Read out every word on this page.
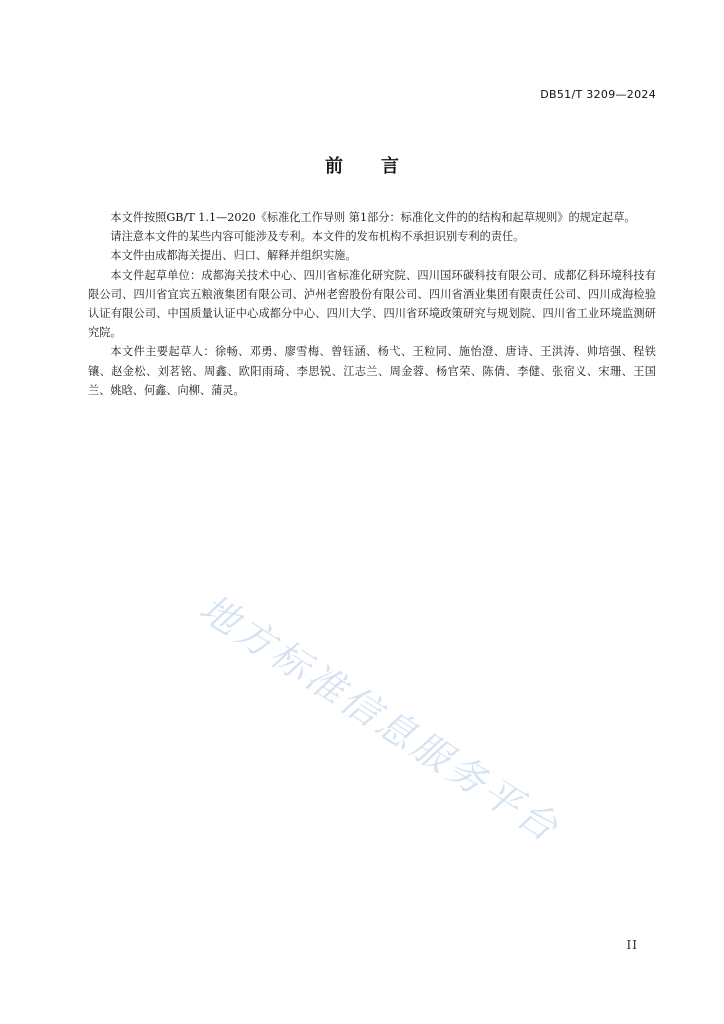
DB51/T 3209—2024
前 言

本文件按照GB/T 1.1—2020《标准化工作导则 第1部分：标准化文件的的结构和起草规则》的规定起草。

请注意本文件的某些内容可能涉及专利。本文件的发布机构不承担识别专利的责任。

本文件由成都海关提出、归口、解释并组织实施。

本文件起草单位：成都海关技术中心、四川省标准化研究院、四川国环碳科技有限公司、成都亿科环境科技有限公司、四川省宜宾五粮液集团有限公司、泸州老窖股份有限公司、四川省酒业集团有限责任公司、四川成海检验认证有限公司、中国质量认证中心成都分中心、四川大学、四川省环境政策研究与规划院、四川省工业环境监测研究院。

本文件主要起草人：徐畅、邓勇、廖雪梅、曾钰涵、杨弋、王粒同、施怡澄、唐诗、王洪涛、帅培强、程铁镶、赵金松、刘茗铭、周鑫、欧阳雨琦、李思锐、江志兰、周金蓉、杨官荣、陈倩、李健、张宿义、宋珊、王国兰、姚晗、何鑫、向柳、蒲灵。

地方标准信息服务平台
II
